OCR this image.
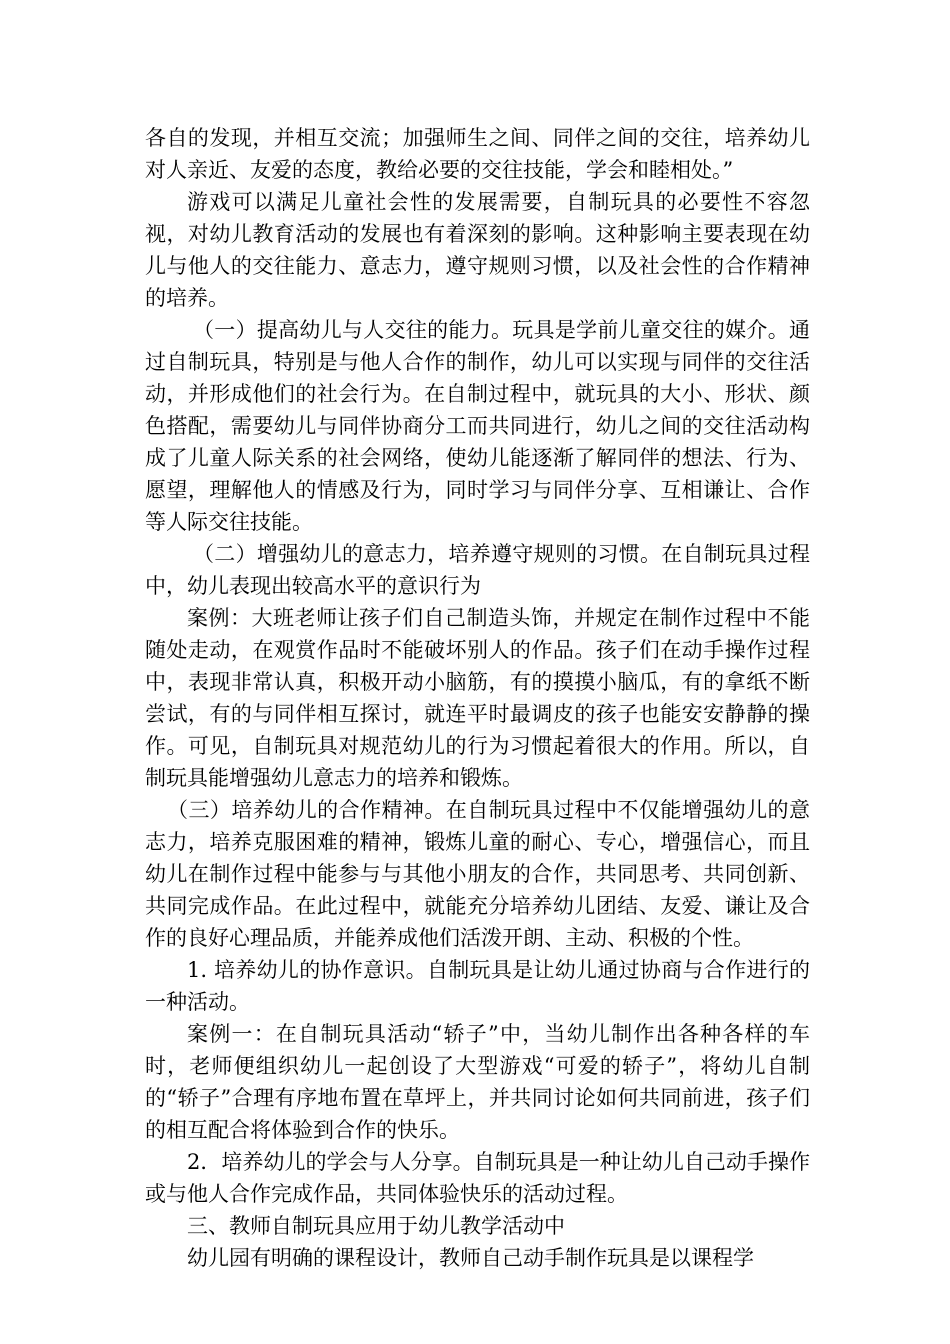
各自的发现，并相互交流；加强师生之间、同伴之间的交往，培养幼儿对人亲近、友爱的态度，教给必要的交往技能，学会和睦相处。”

游戏可以满足儿童社会性的发展需要，自制玩具的必要性不容忽视，对幼儿教育活动的发展也有着深刻的影响。这种影响主要表现在幼儿与他人的交往能力、意志力，遵守规则习惯，以及社会性的合作精神的培养。

（一）提高幼儿与人交往的能力。玩具是学前儿童交往的媒介。通过自制玩具，特别是与他人合作的制作，幼儿可以实现与同伴的交往活动，并形成他们的社会行为。在自制过程中，就玩具的大小、形状、颜色搭配，需要幼儿与同伴协商分工而共同进行，幼儿之间的交往活动构成了儿童人际关系的社会网络，使幼儿能逐渐了解同伴的想法、行为、愿望，理解他人的情感及行为，同时学习与同伴分享、互相谦让、合作等人际交往技能。

（二）增强幼儿的意志力，培养遵守规则的习惯。在自制玩具过程中，幼儿表现出较高水平的意识行为

案例：大班老师让孩子们自己制造头饰，并规定在制作过程中不能随处走动，在观赏作品时不能破坏别人的作品。孩子们在动手操作过程中，表现非常认真，积极开动小脑筋，有的摸摸小脑瓜，有的拿纸不断尝试，有的与同伴相互探讨，就连平时最调皮的孩子也能安安静静的操作。可见，自制玩具对规范幼儿的行为习惯起着很大的作用。所以，自制玩具能增强幼儿意志力的培养和锻炼。

（三）培养幼儿的合作精神。在自制玩具过程中不仅能增强幼儿的意志力，培养克服困难的精神，锻炼儿童的耐心、专心，增强信心，而且幼儿在制作过程中能参与与其他小朋友的合作，共同思考、共同创新、共同完成作品。在此过程中，就能充分培养幼儿团结、友爱、谦让及合作的良好心理品质，并能养成他们活泼开朗、主动、积极的个性。

1. 培养幼儿的协作意识。自制玩具是让幼儿通过协商与合作进行的一种活动。

案例一：在自制玩具活动“轿子”中，当幼儿制作出各种各样的车时，老师便组织幼儿一起创设了大型游戏“可爱的轿子”，将幼儿自制的“轿子”合理有序地布置在草坪上，并共同讨论如何共同前进，孩子们的相互配合将体验到合作的快乐。

2．培养幼儿的学会与人分享。自制玩具是一种让幼儿自己动手操作或与他人合作完成作品，共同体验快乐的活动过程。

三、教师自制玩具应用于幼儿教学活动中

幼儿园有明确的课程设计，教师自己动手制作玩具是以课程学
